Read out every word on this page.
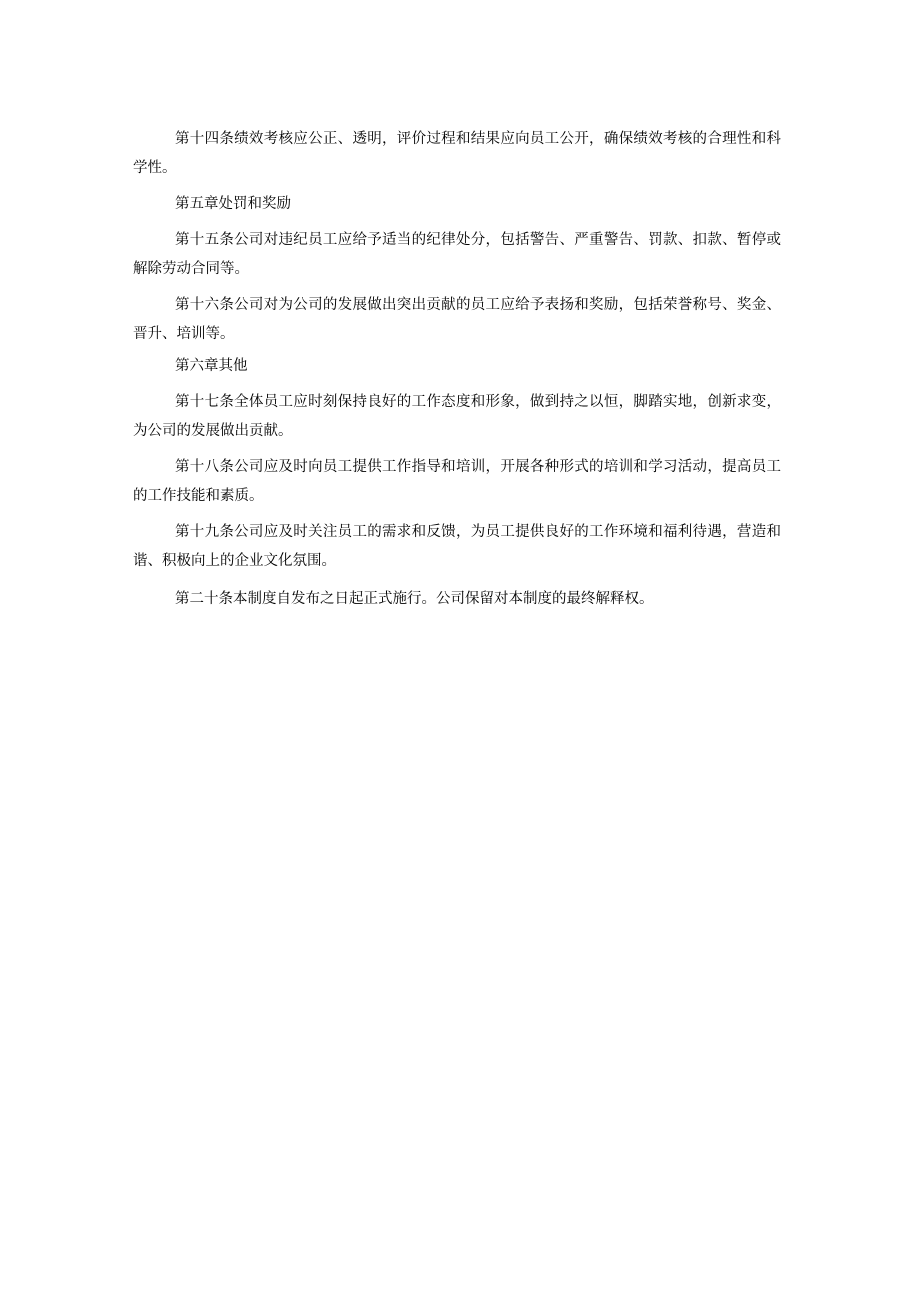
第十四条绩效考核应公正、透明，评价过程和结果应向员工公开，确保绩效考核的合理性和科学性。

第五章处罚和奖励

第十五条公司对违纪员工应给予适当的纪律处分，包括警告、严重警告、罚款、扣款、暂停或解除劳动合同等。

第十六条公司对为公司的发展做出突出贡献的员工应给予表扬和奖励，包括荣誉称号、奖金、晋升、培训等。

第六章其他

第十七条全体员工应时刻保持良好的工作态度和形象，做到持之以恒，脚踏实地，创新求变，为公司的发展做出贡献。

第十八条公司应及时向员工提供工作指导和培训，开展各种形式的培训和学习活动，提高员工的工作技能和素质。

第十九条公司应及时关注员工的需求和反馈，为员工提供良好的工作环境和福利待遇，营造和谐、积极向上的企业文化氛围。

第二十条本制度自发布之日起正式施行。公司保留对本制度的最终解释权。
